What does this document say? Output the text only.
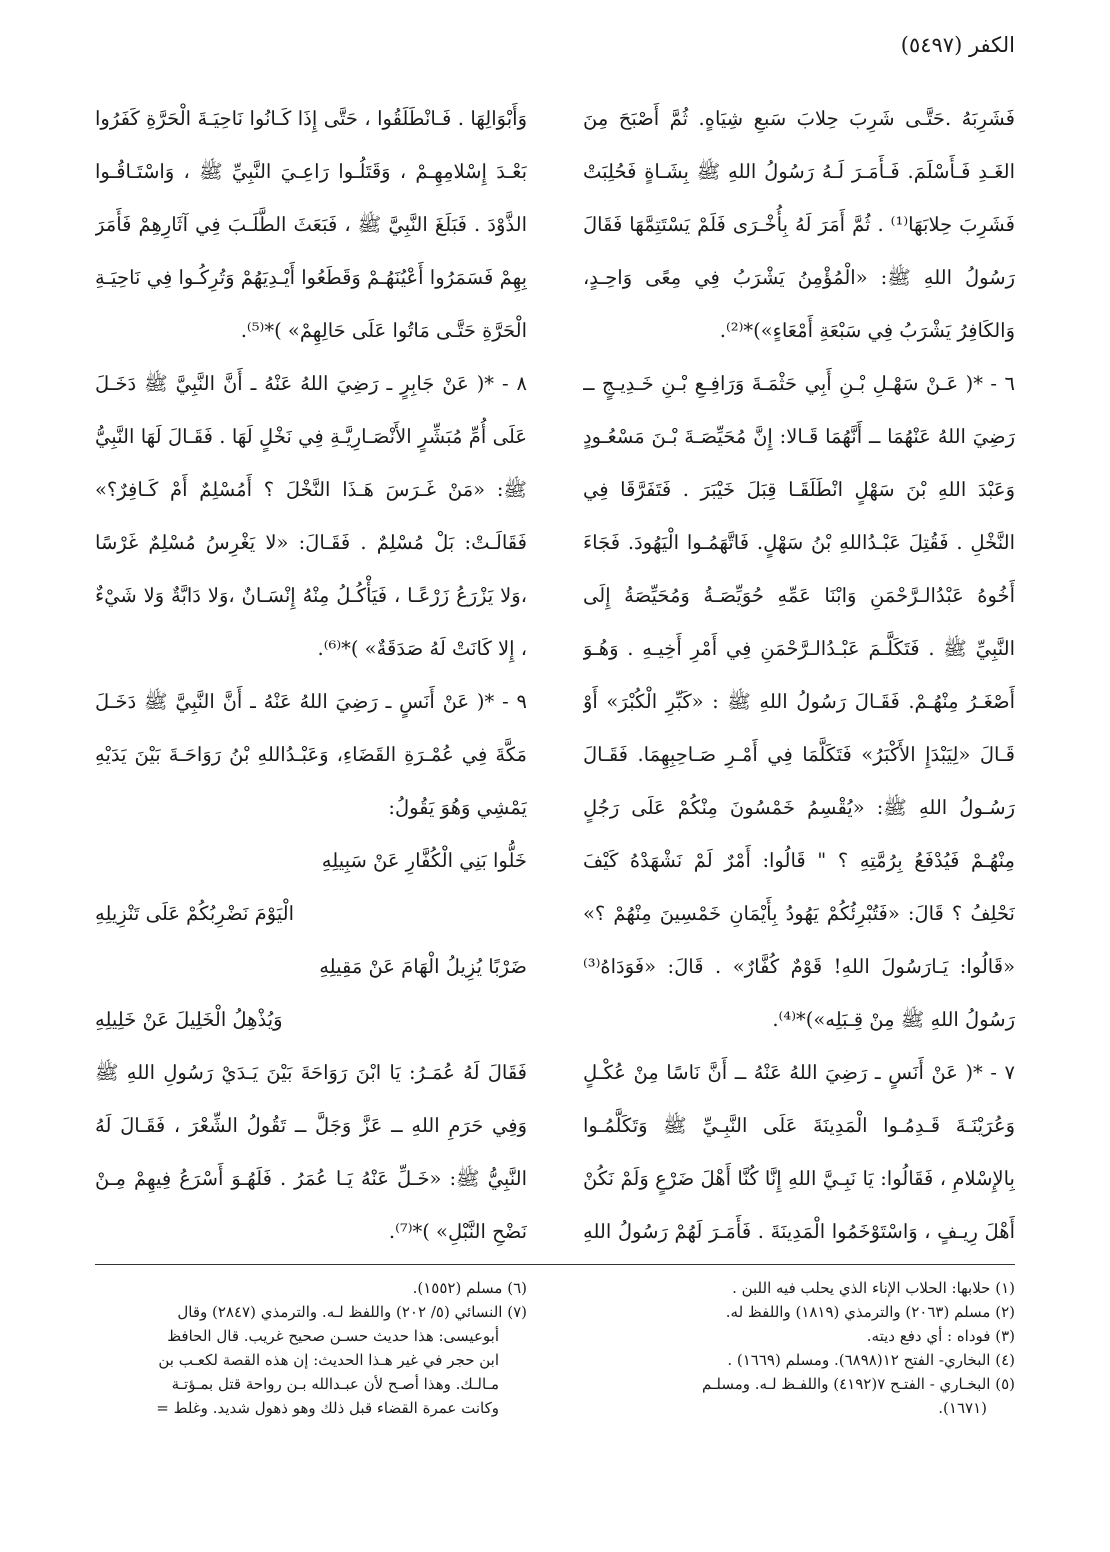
الكفر (٥٤٩٧)

فَشَرِبَهُ .حَتَّـى شَرِبَ حِلابَ سَبعِ شِيَاهٍ. ثُمَّ أَصْبَحَ مِنَ الغَـدِ فَـأَسْلَمَ. فَـأَمَـرَ لَـهُ رَسُولُ اللهِ ﷺ بِشَـاةٍ فَحُلِبَتْ فَشَرِبَ حِلابَهَا⁽¹⁾ . ثُمَّ أَمَرَ لَهُ بِأُخْـرَى فَلَمْ يَسْتَتِمَّهَا فَقَالَ رَسُولُ اللهِ ﷺ: «الْمُؤْمِنُ يَشْرَبُ فِي مِعًى وَاحِـدٍ، وَالكَافِرُ يَشْرَبُ فِي سَبْعَةِ أَمْعَاءٍ»)*⁽²⁾.

٦ - *( عَـنْ سَهْـلِ بْـنِ أَبِي حَثْمَـةَ وَرَافِـعِ بْـنِ خَـدِيـجٍ ــ رَضِيَ اللهُ عَنْهُمَا ــ أَنَّهُمَا قَـالا: إِنَّ مُحَيِّصَـةَ بْـنَ مَسْعُـودٍ وَعَبْدَ اللهِ بْنَ سَهْلٍ انْطَلَقَـا قِبَلَ خَيْبَرَ . فَتَفَرَّقَا فِي النَّخْلِ . فَقُتِلَ عَبْـدُاللهِ بْنُ سَهْلٍ. فَاتَّهَمُـوا الْيَهُودَ. فَجَاءَ أَخُوهُ عَبْدُالـرَّحْمَنِ وَابْنَا عَمِّهِ حُوَيِّصَـةُ وَمُحَيِّصَةُ إِلَى النَّبِيِّ ﷺ . فَتَكَلَّـمَ عَبْـدُالـرَّحْمَنِ فِي أَمْرِ أَخِيـهِ . وَهُـوَ أَصْغَـرُ مِنْهُـمْ. فَقَـالَ رَسُولُ اللهِ ﷺ : «كَبِّرِ الْكُبْرَ» أَوْ قَـالَ «لِيَبْدَإِ الأَكْبَرُ» فَتَكَلَّمَا فِي أَمْـرِ صَـاحِبِهِمَا. فَقَـالَ رَسُـولُ اللهِ ﷺ: «يُقْسِمُ خَمْسُونَ مِنْكُمْ عَلَى رَجُلٍ مِنْهُـمْ فَيُدْفَعُ بِرُمَّتِهِ ؟ " قَالُوا: أَمْرٌ لَمْ نَشْهَدْهُ كَيْفَ نَحْلِفُ ؟ قَالَ: «فَتُبْرِئُكُمْ يَهُودُ بِأَيْمَانِ خَمْسِينَ مِنْهُمْ ؟» «قَالُوا: يَـارَسُولَ اللهِ! قَوْمٌ كُفَّارٌ» . قَالَ: «فَوَدَاهُ⁽³⁾ رَسُولُ اللهِ ﷺ مِنْ قِـبَلِه»)*⁽⁴⁾.

٧ - *( عَنْ أَنَسٍ ـ رَضِيَ اللهُ عَنْهُ ــ أَنَّ نَاسًا مِنْ عُكْـلٍ وَعُرَيْنَـةَ قَـدِمُـوا الْمَدِينَةَ عَلَى النَّبِـيِّ ﷺ وَتَكَلَّمُـوا بِالإِسْلامِ ، فَقَالُوا: يَا نَبِـيَّ اللهِ إِنَّا كُنَّا أَهْلَ ضَرْعٍ وَلَمْ نَكُنْ أَهْلَ رِيـفٍ ، وَاسْتَوْخَمُوا الْمَدِينَةَ . فَأَمَـرَ لَهُمْ رَسُولُ اللهِ

وَأَبْوَالِهَا . فَـانْطَلَقُوا ، حَتَّى إِذَا كَـانُوا نَاحِيَـةَ الْحَرَّةِ كَفَرُوا بَعْـدَ إِسْلامِهِـمْ ، وَقَتَلُـوا رَاعِـيَ النَّبِيِّ ﷺ ، وَاسْتَـاقُـوا الذَّوْدَ . فَبَلَغَ النَّبِيَّ ﷺ ، فَبَعَثَ الطَّلَـبَ فِي آثَارِهِمْ فَأَمَرَ بِهِمْ فَسَمَرُوا أَعْيُنَهُـمْ وَقَطَعُوا أَيْـدِيَهُمْ وَتُرِكُـوا فِي نَاحِيَـةِ الْحَرَّةِ حَتَّـى مَاتُوا عَلَى حَالِهِمْ» )*⁽⁵⁾.

٨ - *( عَنْ جَابِرٍ ـ رَضِيَ اللهُ عَنْهُ ـ أَنَّ النَّبِيَّ ﷺ دَخَـلَ عَلَى أُمِّ مُبَشِّرٍ الأَنْصَـارِيَّـةِ فِي نَخْلٍ لَهَا . فَقَـالَ لَهَا النَّبِيُّ ﷺ: «مَنْ غَـرَسَ هَـذَا النَّخْلَ ؟ أَمُسْلِمٌ أَمْ كَـافِرٌ؟» فَقَالَـتْ: بَلْ مُسْلِمٌ . فَقَـالَ: «لا يَغْرِسُ مُسْلِمٌ غَرْسًا ،وَلا يَزْرَعُ زَرْعًـا ، فَيَأْكُـلُ مِنْهُ إِنْسَـانٌ ،وَلا دَابَّةٌ وَلا شَيْءٌ ، إِلا كَانَتْ لَهُ صَدَقَةٌ» )*⁽⁶⁾.

٩ - *( عَنْ أَنَسٍ ـ رَضِيَ اللهُ عَنْهُ ـ أَنَّ النَّبِيَّ ﷺ دَخَـلَ مَكَّةَ فِي عُمْـرَةِ القَضَاءِ، وَعَبْـدُاللهِ بْنُ رَوَاحَـةَ بَيْنَ يَدَيْهِ يَمْشِي وَهُوَ يَقُولُ:

خَلُّوا بَنِي الْكُفَّارِ عَنْ سَبِيلِهِ

الْيَوْمَ نَضْرِبُكُمْ عَلَى تَنْزِيلِهِ

ضَرْبًا يُزِيلُ الْهَامَ عَنْ مَقِيلِهِ

وَيُذْهِلُ الْخَلِيلَ عَنْ خَلِيلِهِ

فَقَالَ لَهُ عُمَـرُ: يَا ابْنَ رَوَاحَةَ بَيْنَ يَـدَيْ رَسُولِ اللهِ ﷺ وَفِي حَرَمِ اللهِ ــ عَزَّ وَجَلَّ ــ تَقُولُ الشِّعْرَ ، فَقَـالَ لَهُ النَّبِيُّ ﷺ: «خَـلِّ عَنْهُ يَـا عُمَرُ . فَلَهُـوَ أَسْرَعُ فِيهِمْ مِـنْ نَضْحِ النَّبْلِ» )*⁽⁷⁾.

(١) حلابها: الحلاب الإناء الذي يحلب فيه اللبن .

(٢) مسلم (٢٠٦٣) والترمذي (١٨١٩) واللفظ له.

(٣) فوداه : أي دفع ديته.

(٤) البخاري- الفتح ١٢(٦٨٩٨). ومسلم (١٦٦٩) .

(٥) البخـاري - الفتـح ٧(٤١٩٢) واللفـظ لـه. ومسلـم

(١٦٧١).

(٦) مسلم (١٥٥٢).

(٧) النسائي (٥/ ٢٠٢) واللفظ لـه. والترمذي (٢٨٤٧) وقال

أبوعيسى: هذا حديث حسـن صحيح غريب. قال الحافظ

ابن حجر في غير هـذا الحديث: إن هذه القصة لكعـب بن

مـالـك. وهذا أصـح لأن عبـدالله بـن رواحة قتل بمـؤتـة

وكانت عمرة القضاء قبل ذلك وهو ذهول شديد. وغلط =
